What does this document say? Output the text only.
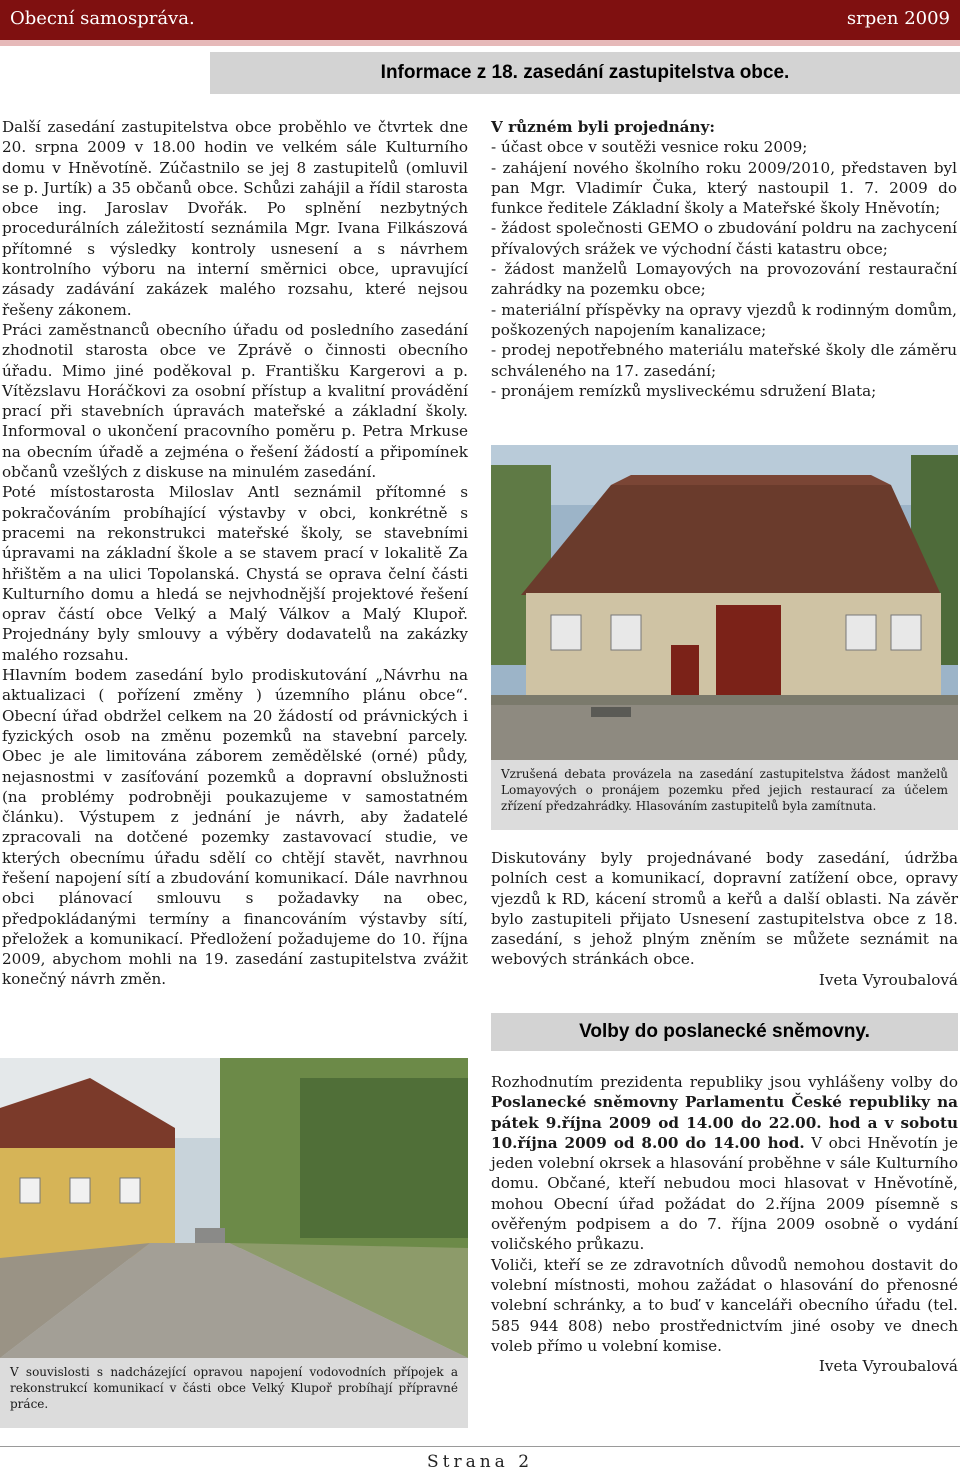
Obecní samospráva.	srpen 2009
Informace z 18. zasedání zastupitelstva obce.

Další zasedání zastupitelstva obce proběhlo ve čtvrtek dne 20. srpna 2009 v 18.00 hodin ve velkém sále Kulturního domu v Hněvotíně. Zúčastnilo se jej 8 zastupitelů (omluvil se p. Jurtík) a 35 občanů obce. Schůzi zahájil a řídil starosta obce ing. Jaroslav Dvořák. Po splnění nezbytných procedurálních záležitostí seznámila Mgr. Ivana Filkászová přítomné s výsledky kontroly usnesení a s návrhem kontrolního výboru na interní směrnici obce, upravující zásady zadávání zakázek malého rozsahu, které nejsou řešeny zákonem.

Práci zaměstnanců obecního úřadu od posledního zasedání zhodnotil starosta obce ve Zprávě o činnosti obecního úřadu. Mimo jiné poděkoval p. Františku Kargerovi a p. Vítězslavu Horáčkovi za osobní přístup a kvalitní provádění prací při stavebních úpravách mateřské a základní školy. Informoval o ukončení pracovního poměru p. Petra Mrkuse na obecním úřadě a zejména o řešení žádostí a připomínek občanů vzešlých z diskuse na minulém zasedání.

Poté místostarosta Miloslav Antl seznámil přítomné s pokračováním probíhající výstavby v obci, konkrétně s pracemi na rekonstrukci mateřské školy, se stavebními úpravami na základní škole a se stavem prací v lokalitě Za hřištěm a na ulici Topolanská. Chystá se oprava čelní části Kulturního domu a hledá se nejvhodnější projektové řešení oprav částí obce Velký a Malý Válkov a Malý Klupoř. Projednány byly smlouvy a výběry dodavatelů na zakázky malého rozsahu.

Hlavním bodem zasedání bylo prodiskutování „Návrhu na aktualizaci ( pořízení změny ) územního plánu obce“. Obecní úřad obdržel celkem na 20 žádostí od právnických i fyzických osob na změnu pozemků na stavební parcely. Obec je ale limitována záborem zemědělské (orné) půdy, nejasnostmi v zasíťování pozemků a dopravní obslužnosti (na problémy podrobněji poukazujeme v samostatném článku). Výstupem z jednání je návrh, aby žadatelé zpracovali na dotčené pozemky zastavovací studie, ve kterých obecnímu úřadu sdělí co chtějí stavět, navrhnou řešení napojení sítí a zbudování komunikací. Dále navrhnou obci plánovací smlouvu s požadavky na obec, předpokládanými termíny a financováním výstavby sítí, přeložek a komunikací. Předložení požadujeme do 10. října 2009, abychom mohli na 19. zasedání zastupitelstva zvážit konečný návrh změn.

V různém byli projednány:

- účast obce v soutěži vesnice roku 2009;
- zahájení nového školního roku 2009/2010, představen byl pan Mgr. Vladimír Čuka, který nastoupil 1. 7. 2009 do funkce ředitele Základní školy a Mateřské školy Hněvotín;
- žádost společnosti GEMO o zbudování poldru na zachycení přívalových srážek ve východní části katastru obce;
- žádost manželů Lomayových na provozování restaurační zahrádky na pozemku obce;
- materiální příspěvky na opravy vjezdů k rodinným domům, poškozených napojením kanalizace;
- prodej nepotřebného materiálu mateřské školy dle záměru schváleného na 17. zasedání;
- pronájem remízků mysliveckému sdružení Blata;
Vzrušená debata provázela na zasedání zastupitelstva žádost manželů Lomayových o pronájem pozemku před jejich restaurací za účelem zřízení předzahrádky. Hlasováním zastupitelů byla zamítnuta.

Diskutovány byly projednávané body zasedání, údržba polních cest a komunikací, dopravní zatížení obce, opravy vjezdů k RD, kácení stromů a keřů a další oblasti. Na závěr bylo zastupiteli přijato Usnesení zastupitelstva obce z 18. zasedání, s jehož plným zněním se můžete seznámit na webových stránkách obce.

Iveta Vyroubalová

Volby do poslanecké sněmovny.

Rozhodnutím prezidenta republiky jsou vyhlášeny volby do Poslanecké sněmovny Parlamentu České republiky na pátek 9.října 2009 od 14.00 do 22.00. hod a v sobotu 10.října 2009 od 8.00 do 14.00 hod. V obci Hněvotín je jeden volební okrsek a hlasování proběhne v sále Kulturního domu. Občané, kteří nebudou moci hlasovat v Hněvotíně, mohou Obecní úřad požádat do 2.října 2009 písemně s ověřeným podpisem a do 7. října 2009 osobně o vydání voličského průkazu.

Voliči, kteří se ze zdravotních důvodů nemohou dostavit do volební místnosti, mohou zažádat o hlasování do přenosné volební schránky, a to buď v kanceláři obecního úřadu (tel. 585 944 808) nebo prostřednictvím jiné osoby ve dnech voleb přímo u volební komise.

Iveta Vyroubalová

V souvislosti s nadcházející opravou napojení vodovodních přípojek a rekonstrukcí komunikací v části obce Velký Klupoř probíhají přípravné práce.
Strana 2
